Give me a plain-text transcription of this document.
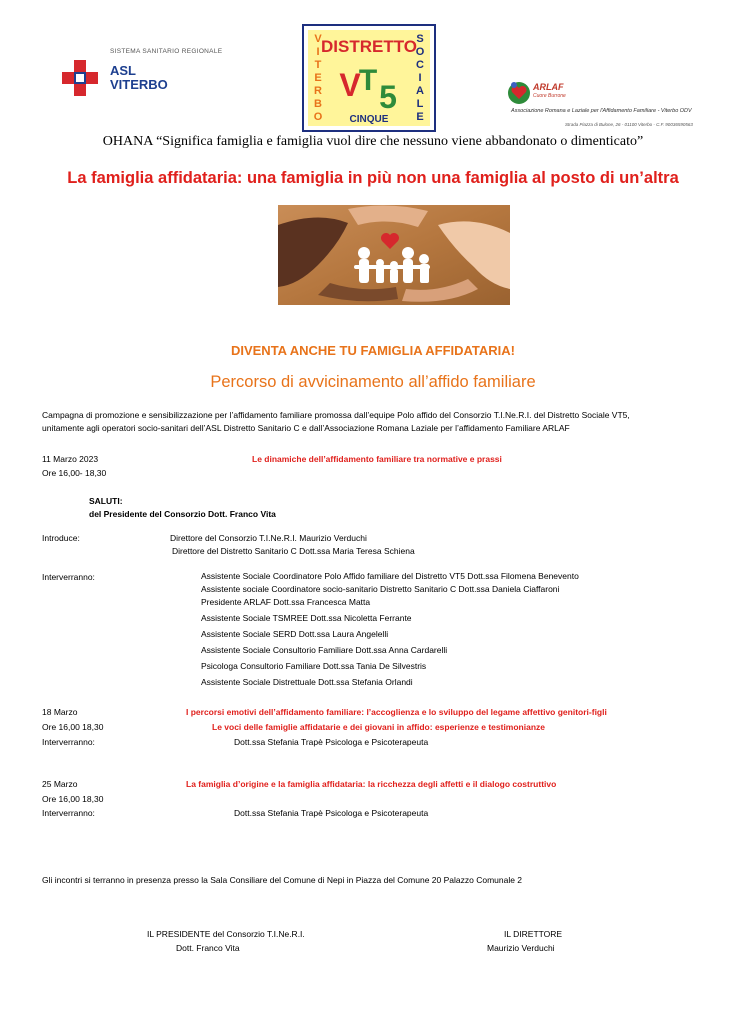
SISTEMA SANITARIO REGIONALE
ASL
VITERBO
DISTRETTO
V
I
T
E
R
B
O
S
O
C
I
A
L
E
V
T 5
CINQUE
ARLAF
Cuore Burrone
Associazione Romana e Laziale per l'Affidamento Familiare - Viterbo ODV
Strada Piazza di Bulone, 26 - 01100 Viterbo - C.F. 90036590563
OHANA “Significa famiglia e famiglia vuol dire che nessuno viene abbandonato o dimenticato”
La famiglia affidataria: una famiglia in più non una famiglia al posto di un’altra
DIVENTA ANCHE TU FAMIGLIA AFFIDATARIA!
Percorso di avvicinamento all’affido familiare
Campagna di promozione e sensibilizzazione per l’affidamento familiare promossa dall’equipe Polo affido del Consorzio T.I.Ne.R.I. del Distretto Sociale VT5,
unitamente agli operatori socio-sanitari dell’ASL Distretto Sanitario C e dall’Associazione Romana Laziale per l’affidamento Familiare ARLAF
11 Marzo 2023
Ore 16,00- 18,30
Le dinamiche dell’affidamento familiare tra normative e prassi
SALUTI:
del Presidente del Consorzio Dott. Franco Vita
Introduce:	Direttore del Consorzio T.I.Ne.R.I. Maurizio Verduchi
Direttore del Distretto Sanitario C Dott.ssa Maria Teresa Schiena
Interverranno:	Assistente Sociale Coordinatore Polo Affido familiare del Distretto VT5 Dott.ssa Filomena Benevento
Assistente sociale Coordinatore socio-sanitario Distretto Sanitario C Dott.ssa Daniela Ciaffaroni
Presidente ARLAF Dott.ssa Francesca Matta
Assistente Sociale TSMREE Dott.ssa Nicoletta Ferrante
Assistente Sociale SERD Dott.ssa Laura Angelelli
Assistente Sociale Consultorio Familiare Dott.ssa Anna Cardarelli
Psicologa Consultorio Familiare Dott.ssa Tania De Silvestris
Assistente Sociale Distrettuale Dott.ssa Stefania Orlandi
18 Marzo	I percorsi emotivi dell’affidamento familiare: l’accoglienza e lo sviluppo del legame affettivo genitori-figli
Ore 16,00 18,30	Le voci delle famiglie affidatarie e dei giovani in affido: esperienze e testimonianze
Interverranno:	Dott.ssa Stefania Trapè Psicologa e Psicoterapeuta
25 Marzo	La famiglia d’origine e la famiglia affidataria: la ricchezza degli affetti e il dialogo costruttivo
Ore 16,00 18,30
Interverranno:	Dott.ssa Stefania Trapè Psicologa e Psicoterapeuta
Gli incontri si terranno in presenza presso la Sala Consiliare del Comune di Nepi in Piazza del Comune 20 Palazzo Comunale 2
IL PRESIDENTE del Consorzio T.I.Ne.R.I.
Dott. Franco Vita
IL DIRETTORE
Maurizio Verduchi
